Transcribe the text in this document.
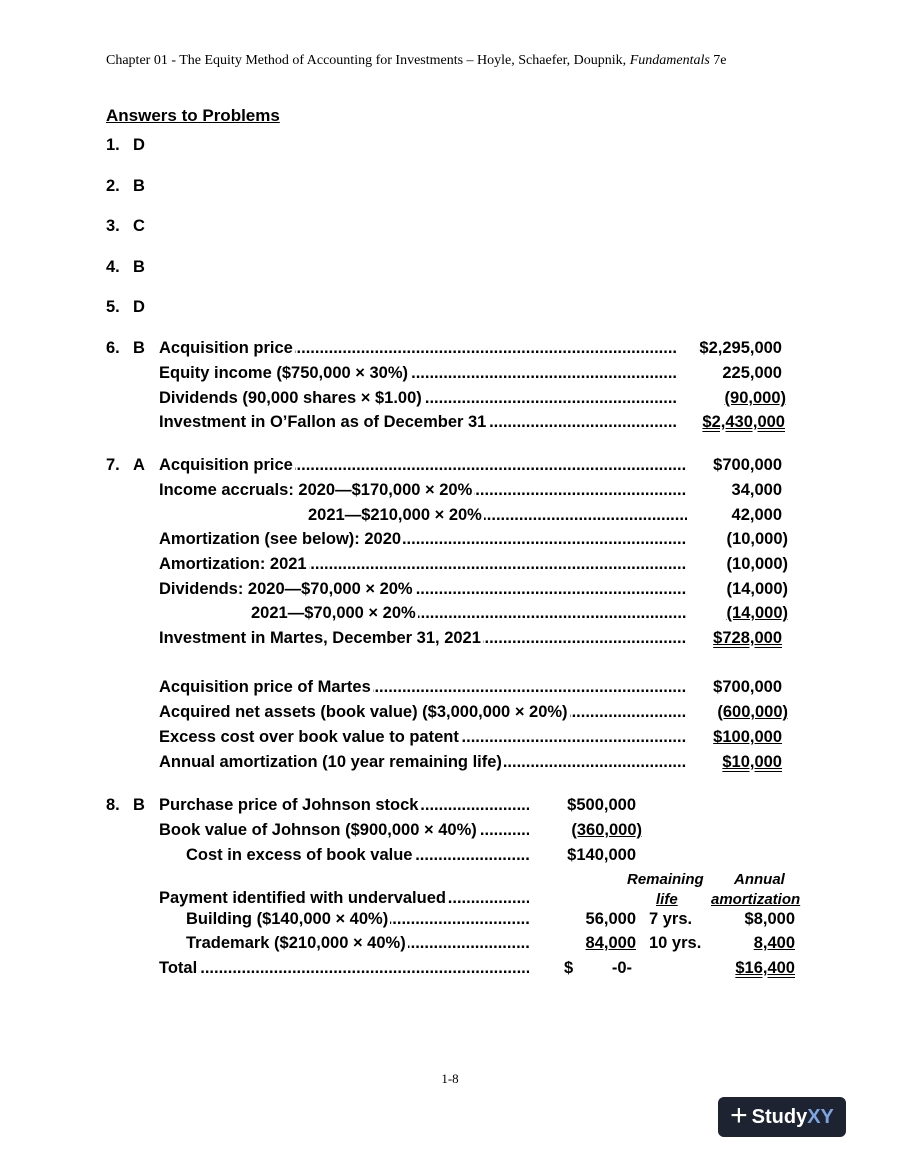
Chapter 01 - The Equity Method of Accounting for Investments – Hoyle, Schaefer, Doupnik, Fundamentals 7e
Answers to Problems
1. D
2. B
3. C
4. B
5. D
6. B Acquisition price .....	$2,295,000
Equity income ($750,000 × 30%) .....	225,000
Dividends (90,000 shares × $1.00) .....	(90,000)
Investment in O’Fallon as of December 31 .....	$2,430,000
7. A Acquisition price .....	$700,000
Income accruals: 2020—$170,000 × 20% .....	34,000
2021—$210,000 × 20% .....	42,000
Amortization (see below): 2020 .....	(10,000)
Amortization: 2021 .....	(10,000)
Dividends: 2020—$70,000 × 20% .....	(14,000)
2021—$70,000 × 20% .....	(14,000)
Investment in Martes, December 31, 2021 .....	$728,000
Acquisition price of Martes .....	$700,000
Acquired net assets (book value) ($3,000,000 × 20%) .....	(600,000)
Excess cost over book value to patent .....	$100,000
Annual amortization (10 year remaining life) .....	$10,000
8. B Purchase price of Johnson stock .....	$500,000
Book value of Johnson ($900,000 × 40%) .....	(360,000)
Cost in excess of book value .....	$140,000
Remaining Annual
life amortization
Payment identified with undervalued .....
Building ($140,000 × 40%) .....	56,000 7 yrs.	$8,000
Trademark ($210,000 × 40%) .....	84,000 10 yrs.	8,400
Total .....	$	-0-	$16,400
1-8
+ Study XY
